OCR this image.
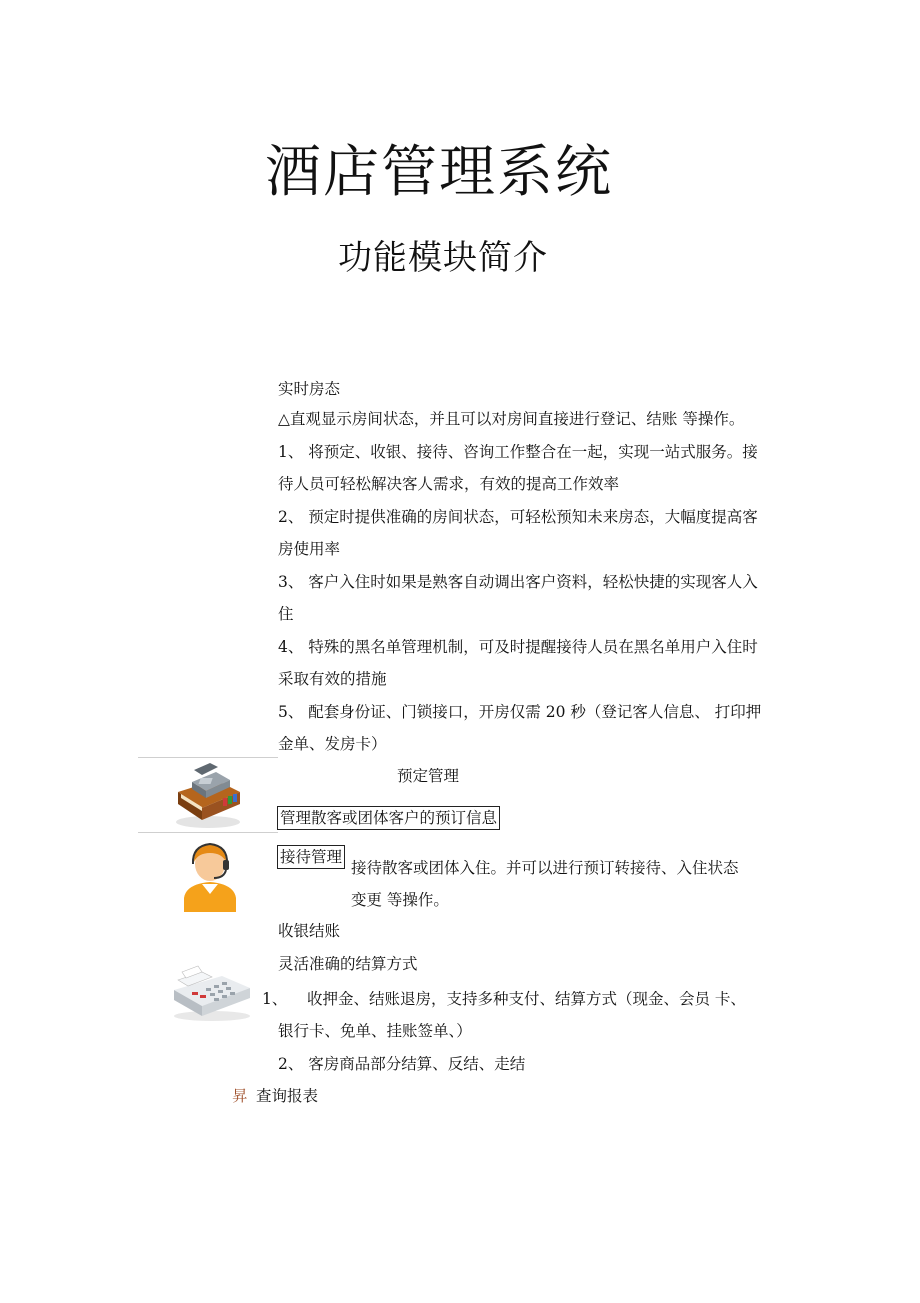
酒店管理系统
功能模块简介
实时房态
△直观显示房间状态，并且可以对房间直接进行登记、结账 等操作。
1、 将预定、收银、接待、咨询工作整合在一起，实现一站式服务。接
待人员可轻松解决客人需求，有效的提高工作效率
2、 预定时提供准确的房间状态，可轻松预知未来房态，大幅度提高客
房使用率
3、 客户入住时如果是熟客自动调出客户资料，轻松快捷的实现客人入
住
4、 特殊的黑名单管理机制，可及时提醒接待人员在黑名单用户入住时
采取有效的措施
5、 配套身份证、门锁接口，开房仅需 20 秒（登记客人信息、 打印押
金单、发房卡）
预定管理
管理散客或团体客户的预订信息
接待管理
接待散客或团体入住。并可以进行预订转接待、入住状态
变更 等操作。
收银结账
灵活准确的结算方式
1、 收押金、结账退房，支持多种支付、结算方式（现金、会员 卡、
银行卡、免单、挂账签单、）
2、 客房商品部分结算、反结、走结
昇 查询报表
